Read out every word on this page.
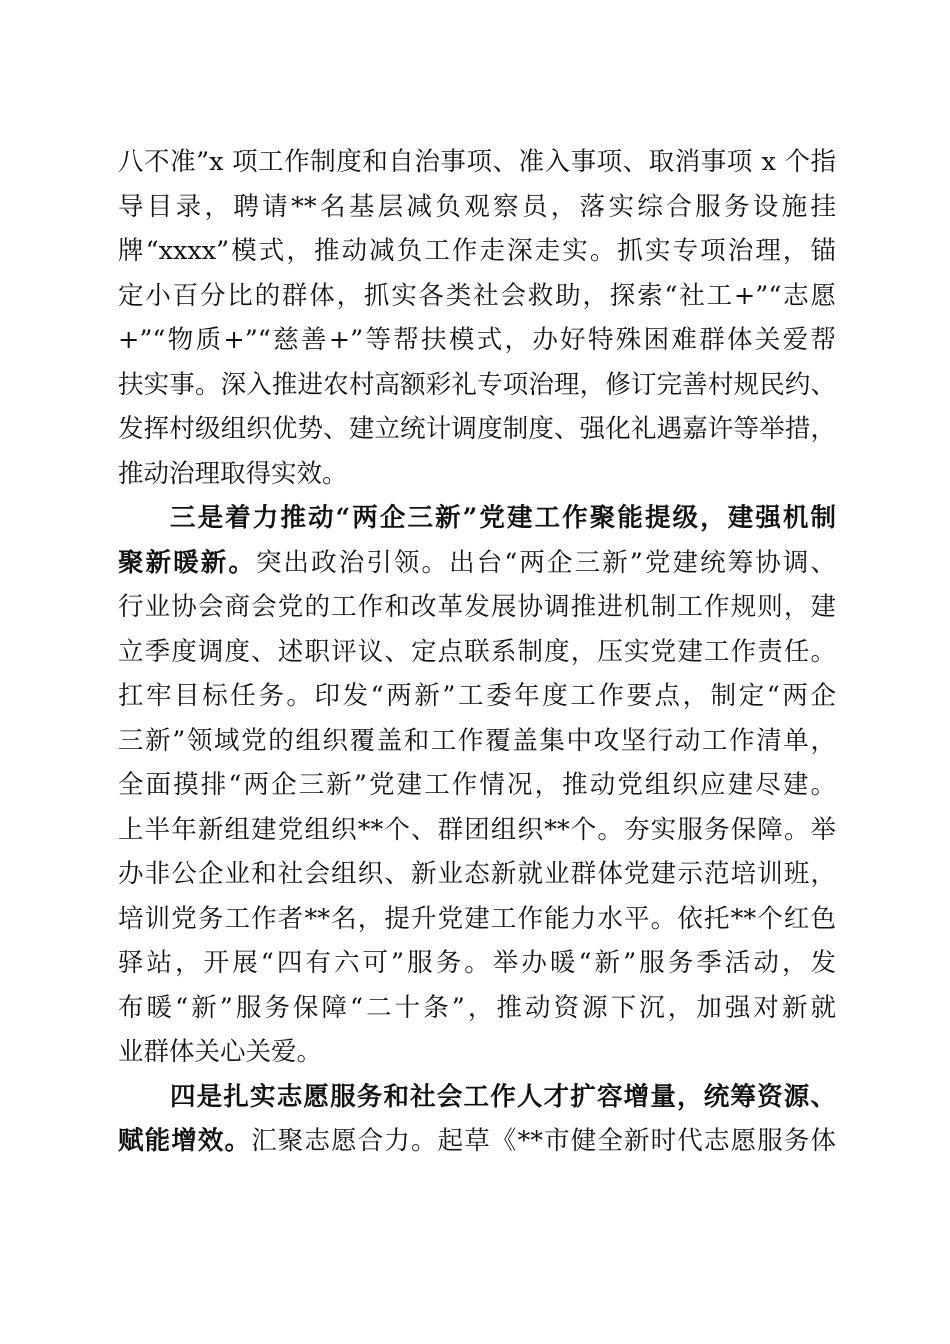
八不准”x 项工作制度和自治事项、准入事项、取消事项 x 个指
导目录，聘请**名基层减负观察员，落实综合服务设施挂
牌“xxxx”模式，推动减负工作走深走实。抓实专项治理，锚
定小百分比的群体，抓实各类社会救助，探索“社工+”“志愿
+”“物质+”“慈善+”等帮扶模式，办好特殊困难群体关爱帮
扶实事。深入推进农村高额彩礼专项治理，修订完善村规民约、
发挥村级组织优势、建立统计调度制度、强化礼遇嘉许等举措，
推动治理取得实效。
三是着力推动“两企三新”党建工作聚能提级，建强机制
聚新暖新。突出政治引领。出台“两企三新”党建统筹协调、
行业协会商会党的工作和改革发展协调推进机制工作规则，建
立季度调度、述职评议、定点联系制度，压实党建工作责任。
扛牢目标任务。印发“两新”工委年度工作要点，制定“两企
三新”领域党的组织覆盖和工作覆盖集中攻坚行动工作清单，
全面摸排“两企三新”党建工作情况，推动党组织应建尽建。
上半年新组建党组织**个、群团组织**个。夯实服务保障。举
办非公企业和社会组织、新业态新就业群体党建示范培训班，
培训党务工作者**名，提升党建工作能力水平。依托**个红色
驿站，开展“四有六可”服务。举办暖“新”服务季活动，发
布暖“新”服务保障“二十条”，推动资源下沉，加强对新就
业群体关心关爱。
四是扎实志愿服务和社会工作人才扩容增量，统筹资源、
赋能增效。汇聚志愿合力。起草《**市健全新时代志愿服务体
